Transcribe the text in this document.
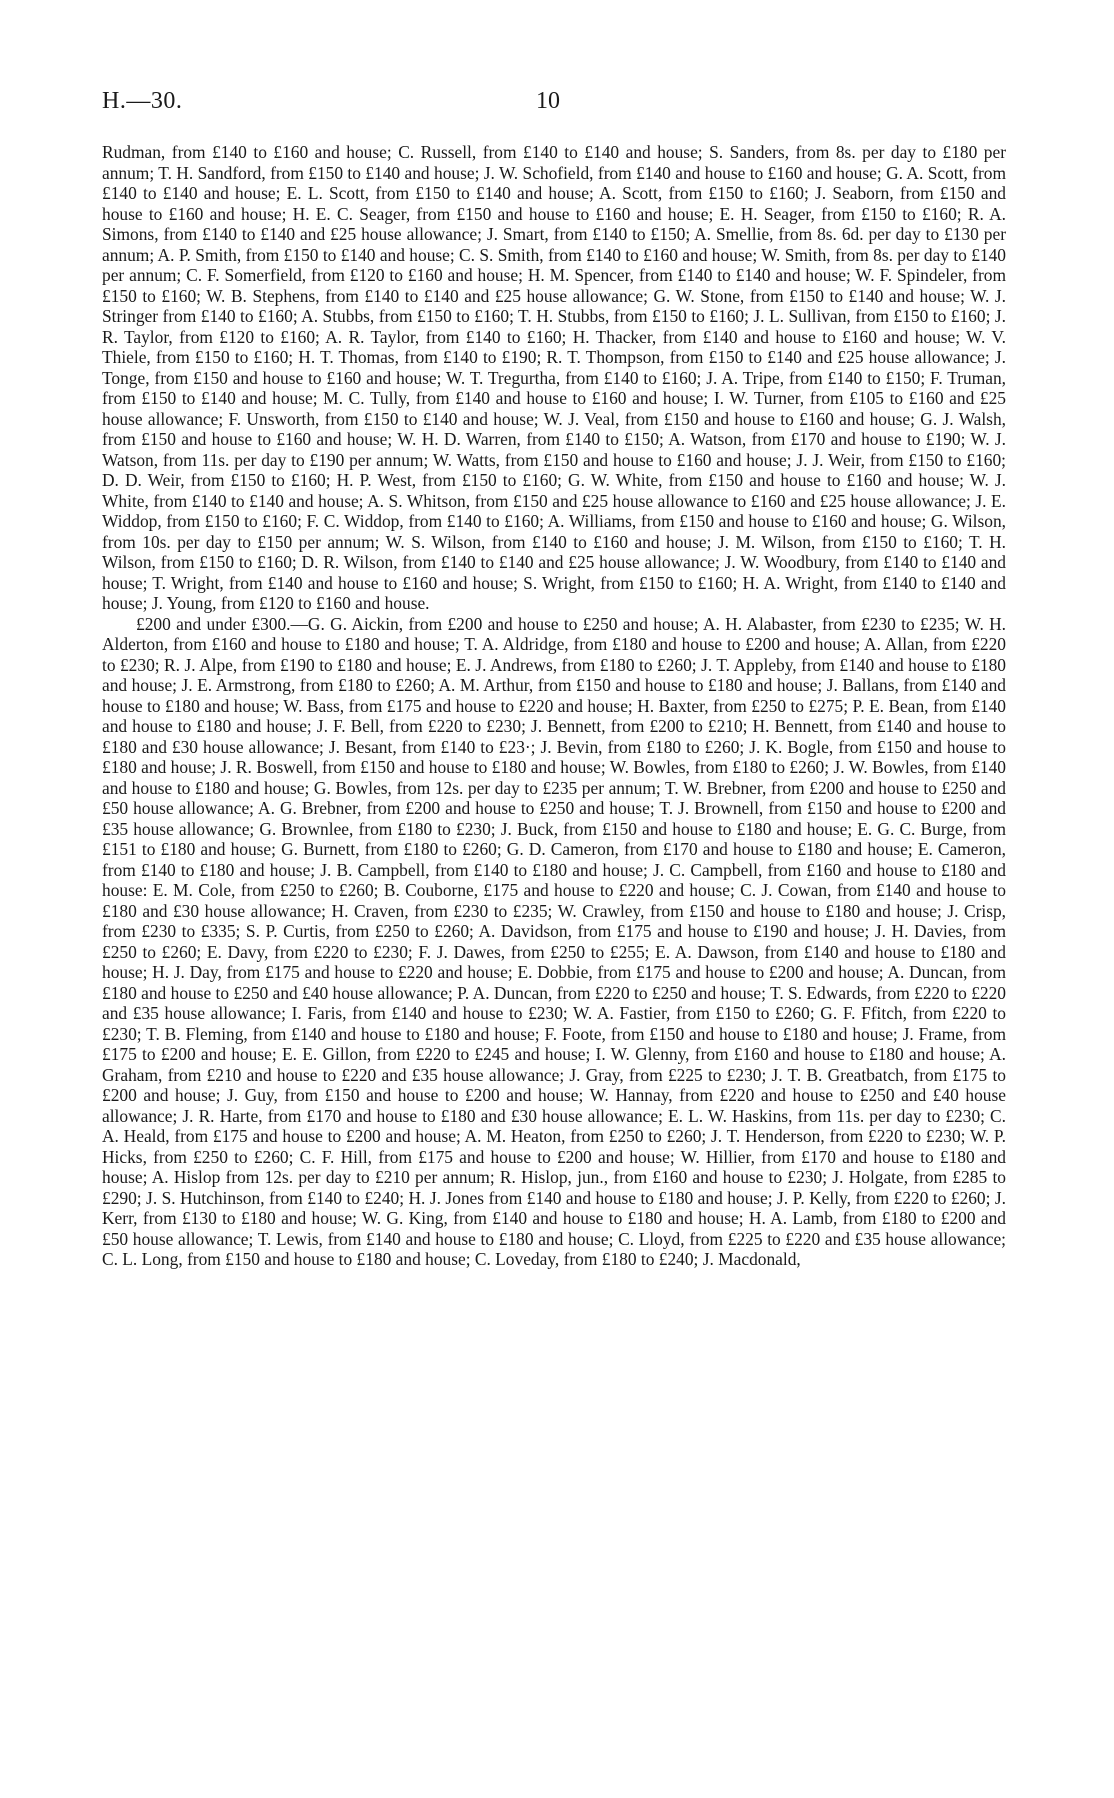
H.—30.	10

Rudman, from £140 to £160 and house; C. Russell, from £140 to £140 and house; S. Sanders, from 8s. per day to £180 per annum; T. H. Sandford, from £150 to £140 and house; J. W. Schofield, from £140 and house to £160 and house; G. A. Scott, from £140 to £140 and house; E. L. Scott, from £150 to £140 and house; A. Scott, from £150 to £160; J. Seaborn, from £150 and house to £160 and house; H. E. C. Seager, from £150 and house to £160 and house; E. H. Seager, from £150 to £160; R. A. Simons, from £140 to £140 and £25 house allowance; J. Smart, from £140 to £150; A. Smellie, from 8s. 6d. per day to £130 per annum; A. P. Smith, from £150 to £140 and house; C. S. Smith, from £140 to £160 and house; W. Smith, from 8s. per day to £140 per annum; C. F. Somerfield, from £120 to £160 and house; H. M. Spencer, from £140 to £140 and house; W. F. Spindeler, from £150 to £160; W. B. Stephens, from £140 to £140 and £25 house allowance; G. W. Stone, from £150 to £140 and house; W. J. Stringer from £140 to £160; A. Stubbs, from £150 to £160; T. H. Stubbs, from £150 to £160; J. L. Sullivan, from £150 to £160; J. R. Taylor, from £120 to £160; A. R. Taylor, from £140 to £160; H. Thacker, from £140 and house to £160 and house; W. V. Thiele, from £150 to £160; H. T. Thomas, from £140 to £190; R. T. Thompson, from £150 to £140 and £25 house allowance; J. Tonge, from £150 and house to £160 and house; W. T. Tregurtha, from £140 to £160; J. A. Tripe, from £140 to £150; F. Truman, from £150 to £140 and house; M. C. Tully, from £140 and house to £160 and house; I. W. Turner, from £105 to £160 and £25 house allowance; F. Unsworth, from £150 to £140 and house; W. J. Veal, from £150 and house to £160 and house; G. J. Walsh, from £150 and house to £160 and house; W. H. D. Warren, from £140 to £150; A. Watson, from £170 and house to £190; W. J. Watson, from 11s. per day to £190 per annum; W. Watts, from £150 and house to £160 and house; J. J. Weir, from £150 to £160; D. D. Weir, from £150 to £160; H. P. West, from £150 to £160; G. W. White, from £150 and house to £160 and house; W. J. White, from £140 to £140 and house; A. S. Whitson, from £150 and £25 house allowance to £160 and £25 house allowance; J. E. Widdop, from £150 to £160; F. C. Widdop, from £140 to £160; A. Williams, from £150 and house to £160 and house; G. Wilson, from 10s. per day to £150 per annum; W. S. Wilson, from £140 to £160 and house; J. M. Wilson, from £150 to £160; T. H. Wilson, from £150 to £160; D. R. Wilson, from £140 to £140 and £25 house allowance; J. W. Woodbury, from £140 to £140 and house; T. Wright, from £140 and house to £160 and house; S. Wright, from £150 to £160; H. A. Wright, from £140 to £140 and house; J. Young, from £120 to £160 and house.

£200 and under £300.—G. G. Aickin, from £200 and house to £250 and house; A. H. Alabaster, from £230 to £235; W. H. Alderton, from £160 and house to £180 and house; T. A. Aldridge, from £180 and house to £200 and house; A. Allan, from £220 to £230; R. J. Alpe, from £190 to £180 and house; E. J. Andrews, from £180 to £260; J. T. Appleby, from £140 and house to £180 and house; J. E. Armstrong, from £180 to £260; A. M. Arthur, from £150 and house to £180 and house; J. Ballans, from £140 and house to £180 and house; W. Bass, from £175 and house to £220 and house; H. Baxter, from £250 to £275; P. E. Bean, from £140 and house to £180 and house; J. F. Bell, from £220 to £230; J. Bennett, from £200 to £210; H. Bennett, from £140 and house to £180 and £30 house allowance; J. Besant, from £140 to £23·; J. Bevin, from £180 to £260; J. K. Bogle, from £150 and house to £180 and house; J. R. Boswell, from £150 and house to £180 and house; W. Bowles, from £180 to £260; J. W. Bowles, from £140 and house to £180 and house; G. Bowles, from 12s. per day to £235 per annum; T. W. Brebner, from £200 and house to £250 and £50 house allowance; A. G. Brebner, from £200 and house to £250 and house; T. J. Brownell, from £150 and house to £200 and £35 house allowance; G. Brownlee, from £180 to £230; J. Buck, from £150 and house to £180 and house; E. G. C. Burge, from £151 to £180 and house; G. Burnett, from £180 to £260; G. D. Cameron, from £170 and house to £180 and house; E. Cameron, from £140 to £180 and house; J. B. Campbell, from £140 to £180 and house; J. C. Campbell, from £160 and house to £180 and house: E. M. Cole, from £250 to £260; B. Couborne, £175 and house to £220 and house; C. J. Cowan, from £140 and house to £180 and £30 house allowance; H. Craven, from £230 to £235; W. Crawley, from £150 and house to £180 and house; J. Crisp, from £230 to £335; S. P. Curtis, from £250 to £260; A. Davidson, from £175 and house to £190 and house; J. H. Davies, from £250 to £260; E. Davy, from £220 to £230; F. J. Dawes, from £250 to £255; E. A. Dawson, from £140 and house to £180 and house; H. J. Day, from £175 and house to £220 and house; E. Dobbie, from £175 and house to £200 and house; A. Duncan, from £180 and house to £250 and £40 house allowance; P. A. Duncan, from £220 to £250 and house; T. S. Edwards, from £220 to £220 and £35 house allowance; I. Faris, from £140 and house to £230; W. A. Fastier, from £150 to £260; G. F. Ffitch, from £220 to £230; T. B. Fleming, from £140 and house to £180 and house; F. Foote, from £150 and house to £180 and house; J. Frame, from £175 to £200 and house; E. E. Gillon, from £220 to £245 and house; I. W. Glenny, from £160 and house to £180 and house; A. Graham, from £210 and house to £220 and £35 house allowance; J. Gray, from £225 to £230; J. T. B. Greatbatch, from £175 to £200 and house; J. Guy, from £150 and house to £200 and house; W. Hannay, from £220 and house to £250 and £40 house allowance; J. R. Harte, from £170 and house to £180 and £30 house allowance; E. L. W. Haskins, from 11s. per day to £230; C. A. Heald, from £175 and house to £200 and house; A. M. Heaton, from £250 to £260; J. T. Henderson, from £220 to £230; W. P. Hicks, from £250 to £260; C. F. Hill, from £175 and house to £200 and house; W. Hillier, from £170 and house to £180 and house; A. Hislop from 12s. per day to £210 per annum; R. Hislop, jun., from £160 and house to £230; J. Holgate, from £285 to £290; J. S. Hutchinson, from £140 to £240; H. J. Jones from £140 and house to £180 and house; J. P. Kelly, from £220 to £260; J. Kerr, from £130 to £180 and house; W. G. King, from £140 and house to £180 and house; H. A. Lamb, from £180 to £200 and £50 house allowance; T. Lewis, from £140 and house to £180 and house; C. Lloyd, from £225 to £220 and £35 house allowance; C. L. Long, from £150 and house to £180 and house; C. Loveday, from £180 to £240; J. Macdonald,
